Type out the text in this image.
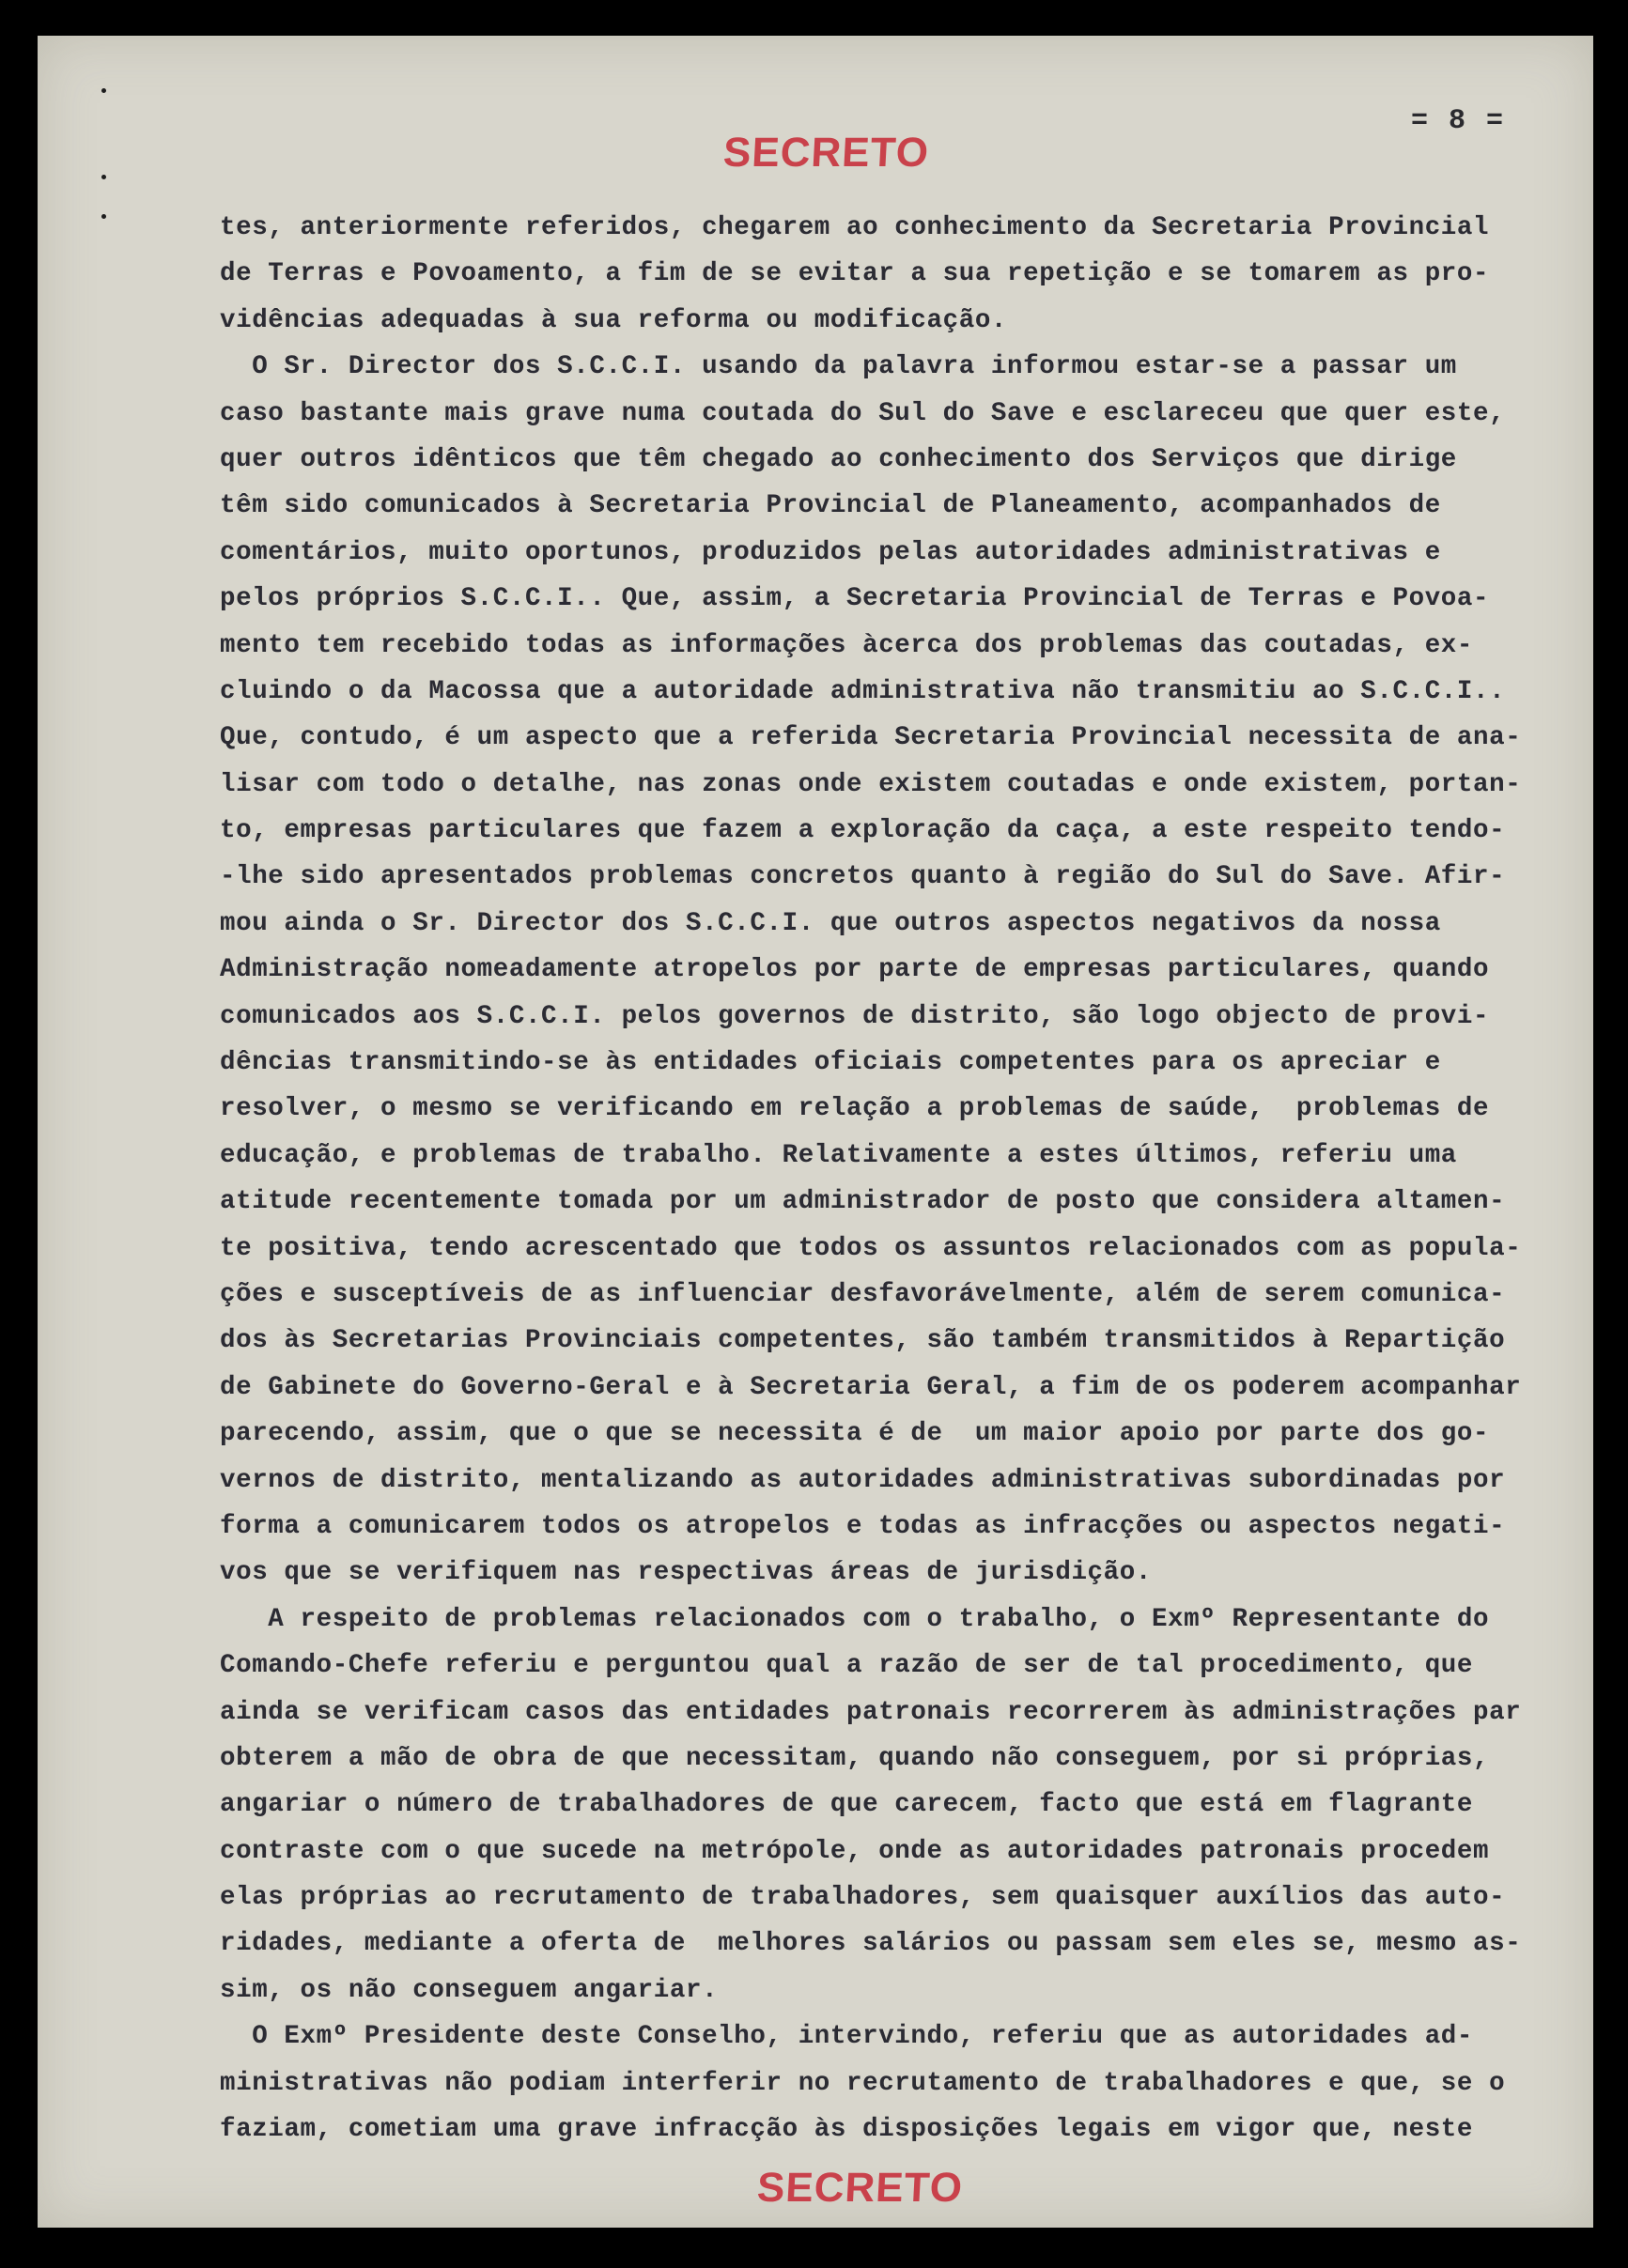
= 8 =
SECRETO
tes, anteriormente referidos, chegarem ao conhecimento da Secretaria Provincial
de Terras e Povoamento, a fim de se evitar a sua repetição e se tomarem as pro-
vidências adequadas à sua reforma ou modificação.
O Sr. Director dos S.C.C.I. usando da palavra informou estar-se a passar um
caso bastante mais grave numa coutada do Sul do Save e esclareceu que quer este,
quer outros idênticos que têm chegado ao conhecimento dos Serviços que dirige
têm sido comunicados à Secretaria Provincial de Planeamento, acompanhados de
comentários, muito oportunos, produzidos pelas autoridades administrativas e
pelos próprios S.C.C.I.. Que, assim, a Secretaria Provincial de Terras e Povoa-
mento tem recebido todas as informações àcerca dos problemas das coutadas, ex-
cluindo o da Macossa que a autoridade administrativa não transmitiu ao S.C.C.I..
Que, contudo, é um aspecto que a referida Secretaria Provincial necessita de ana-
lisar com todo o detalhe, nas zonas onde existem coutadas e onde existem, portan-
to, empresas particulares que fazem a exploração da caça, a este respeito tendo-
-lhe sido apresentados problemas concretos quanto à região do Sul do Save. Afir-
mou ainda o Sr. Director dos S.C.C.I. que outros aspectos negativos da nossa
Administração nomeadamente atropelos por parte de empresas particulares, quando
comunicados aos S.C.C.I. pelos governos de distrito, são logo objecto de provi-
dências transmitindo-se às entidades oficiais competentes para os apreciar e
resolver, o mesmo se verificando em relação a problemas de saúde,  problemas de
educação, e problemas de trabalho. Relativamente a estes últimos, referiu uma
atitude recentemente tomada por um administrador de pοsto que considera altamen-
te positiva, tendo acrescentado que todos os assuntos relacionados com as popula-
ções e susceptíveis de as influenciar desfavorávelmente, além de serem comunica-
dos às Secretarias Provinciais competentes, são também transmitidos à Repartição
de Gabinete do Governo-Geral e à Secretaria Geral, a fim de os poderem acompanhar
parecendo, assim, que o que se necessita é de  um maior apoio por parte dos go-
vernos de distrito, mentalizando as autoridades administrativas subordinadas por
forma a comunicarem todos os atropelos e todas as infracções ou aspectos negati-
vos que se verifiquem nas respectivas áreas de jurisdição.
A respeito de problemas relacionados com o trabalho, o Exmº Representante do
Comando-Chefe referiu e perguntou qual a razão de ser de tal procedimento, que
ainda se verificam casos das entidades patronais recorrerem às administrações par
obterem a mão de obra de que necessitam, quando não conseguem, por si próprias,
angariar o número de trabalhadores de que carecem, facto que está em flagrante
contraste com o que sucede na metrópole, onde as autoridades patronais procedem
elas próprias ao recrutamento de trabalhadores, sem quaisquer auxílios das auto-
ridades, mediante a oferta de  melhores salários ou passam sem eles se, mesmo as-
sim, os não conseguem angariar.
O Exmº Presidente deste Conselho, intervindo, referiu que as autoridades ad-
ministrativas não podiam interferir no recrutamento de trabalhadores e que, se o
faziam, cometiam uma grave infracção às disposições legais em vigor que, neste
SECRETO
